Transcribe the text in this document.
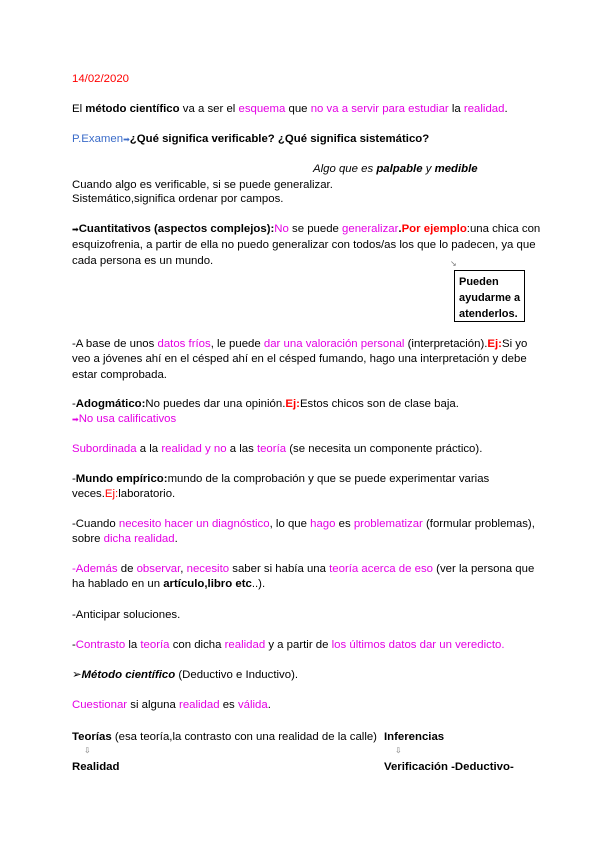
14/02/2020
El método científico va a ser el esquema que no va a servir para estudiar la realidad.
P.Examen➡¿Qué significa verificable? ¿Qué significa sistemático?
Algo que es palpable y medible
Cuando algo es verificable, si se puede generalizar.
Sistemático,significa ordenar por campos.
➡Cuantitativos (aspectos complejos):No se puede generalizar.Por ejemplo:una chica con
esquizofrenia, a partir de ella no puedo generalizar con todos/as los que lo padecen, ya que
cada persona es un mundo.	↘
Pueden
ayudarme a
atenderlos.
-A base de unos datos fríos, le puede dar una valoración personal (interpretación).Ej:Si yo
veo a jóvenes ahí en el césped ahí en el césped fumando, hago una interpretación y debe
estar comprobada.
-Adogmático:No puedes dar una opinión.Ej:Estos chicos son de clase baja.
➡No usa calificativos
Subordinada a la realidad y no a las teoría (se necesita un componente práctico).
-Mundo empírico:mundo de la comprobación y que se puede experimentar varias
veces.Ej:laboratorio.
-Cuando necesito hacer un diagnóstico, lo que hago es problematizar (formular problemas),
sobre dicha realidad.
-Además de observar, necesito saber si había una teoría acerca de eso (ver la persona que
ha hablado en un artículo,libro etc..).
-Anticipar soluciones.
-Contrasto la teoría con dicha realidad y a partir de los últimos datos dar un veredicto.
➢Método científico (Deductivo e Inductivo).
Cuestionar si alguna realidad es válida.
Teorías (esa teoría,la contrasto con una realidad de la calle) Inferencias
⇩	⇩
Realidad	Verificación -Deductivo-
